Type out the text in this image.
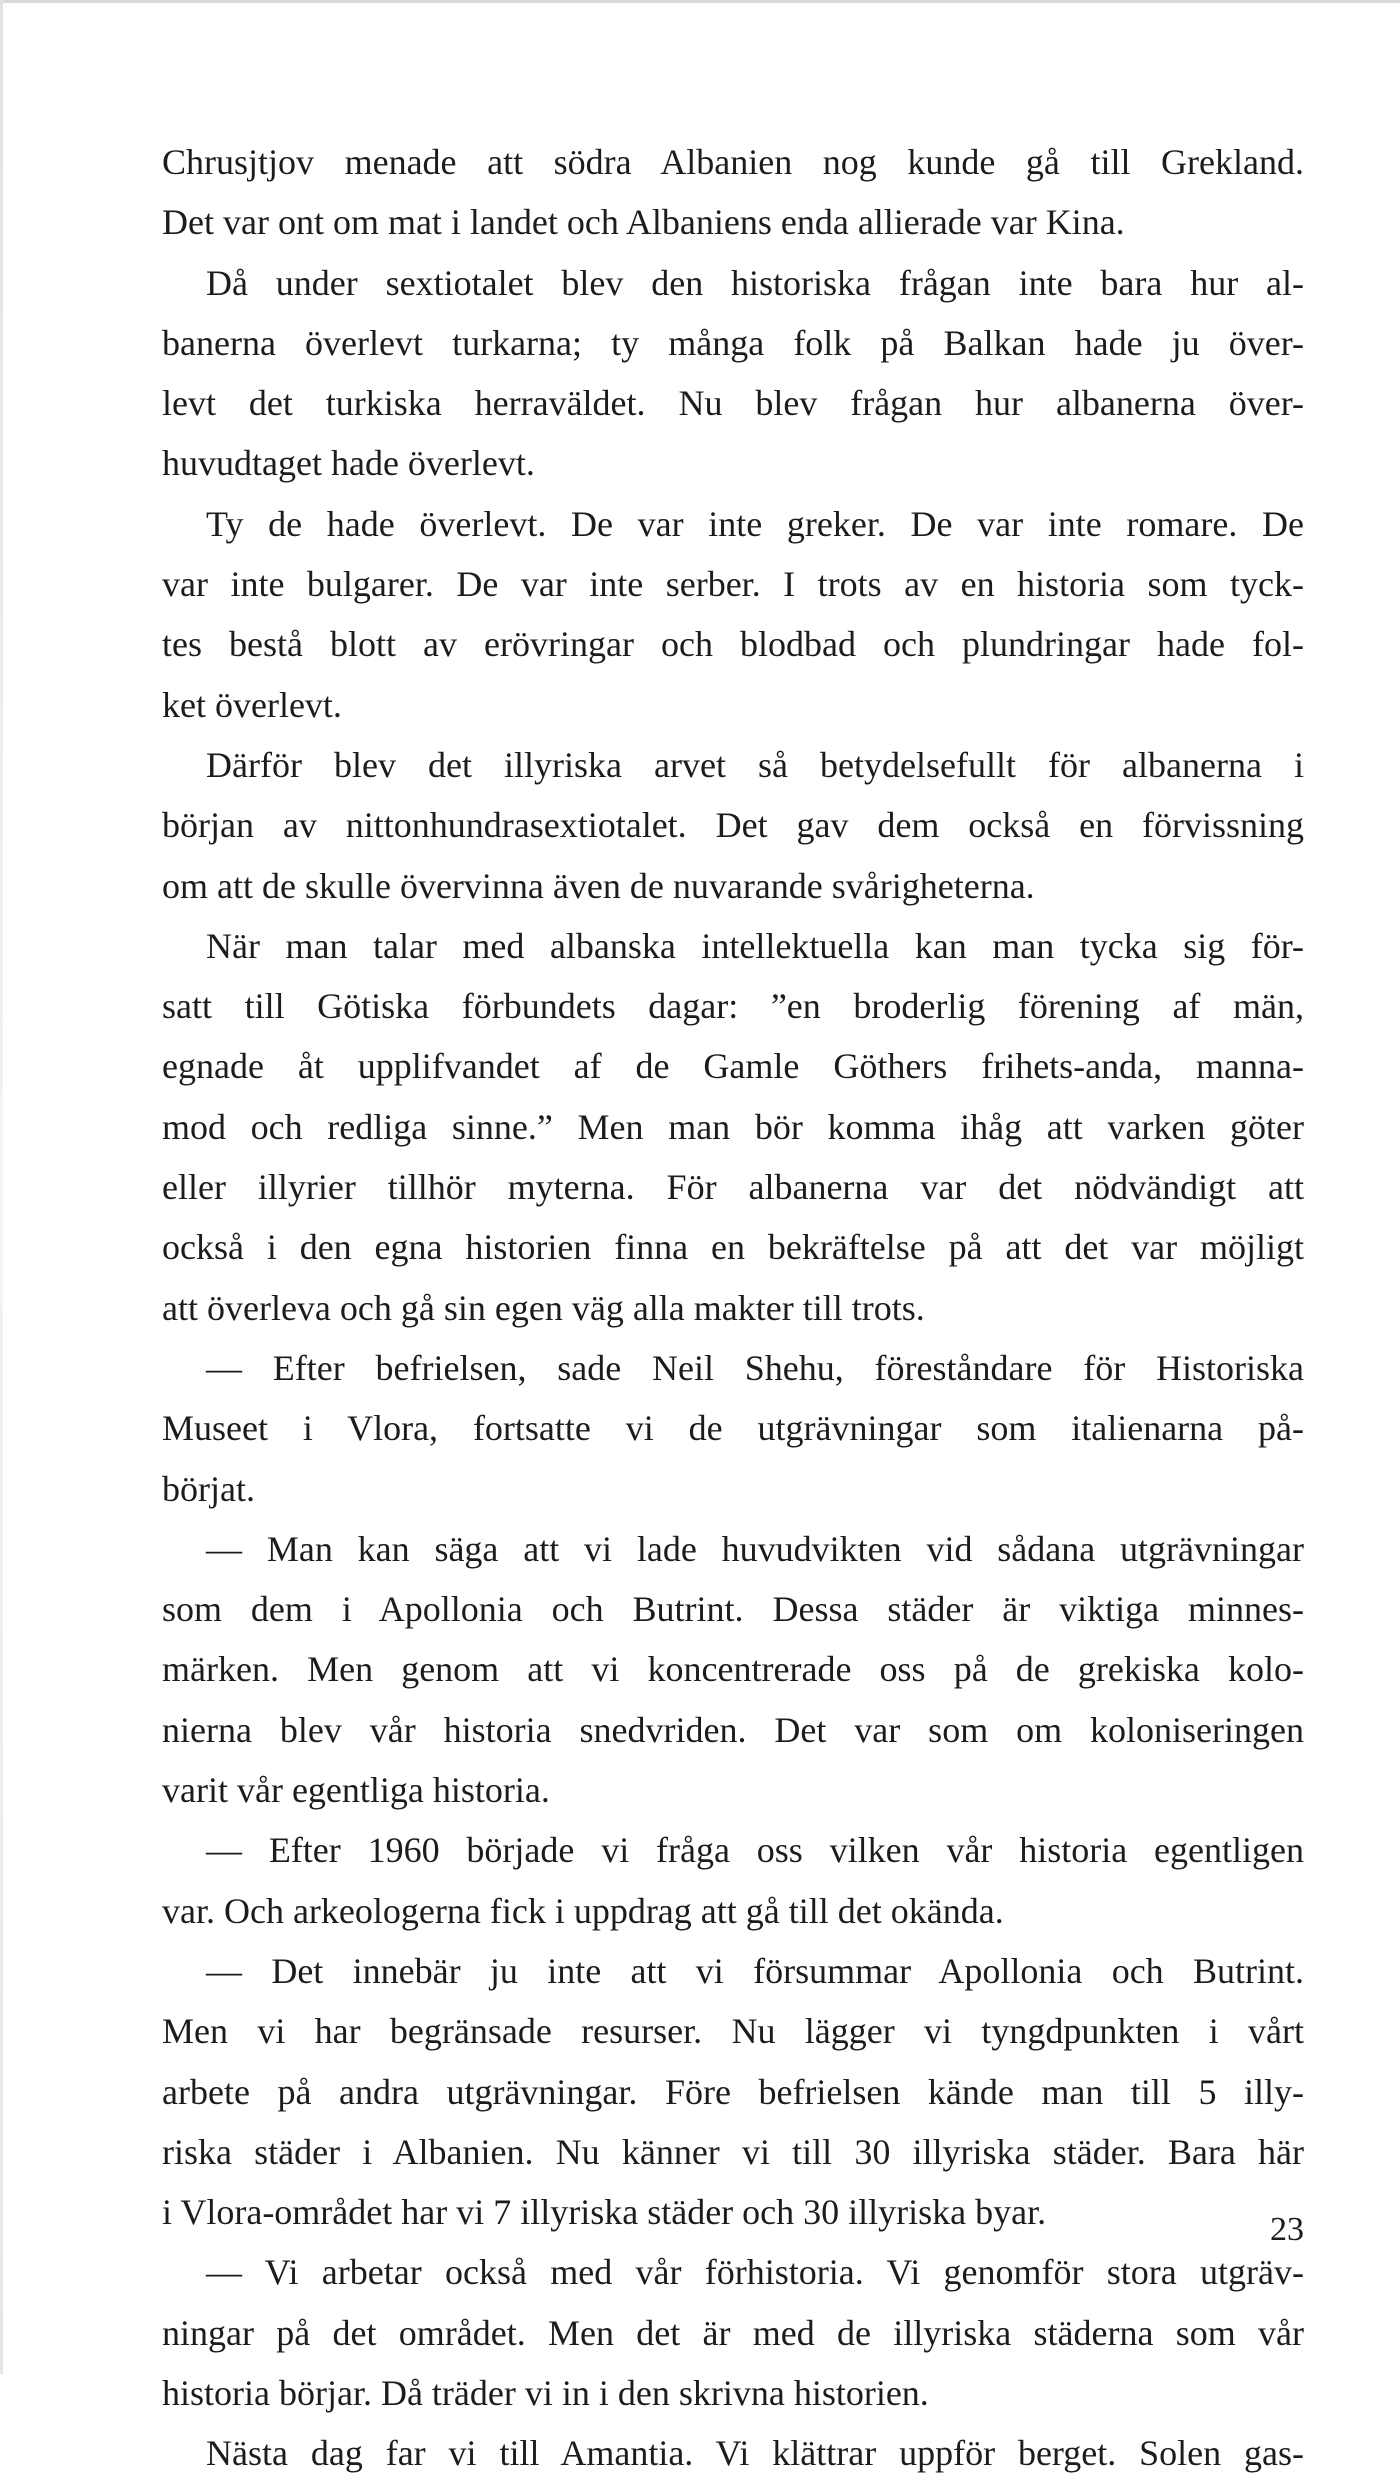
Chrusjtjov menade att södra Albanien nog kunde gå till Grekland.
Det var ont om mat i landet och Albaniens enda allierade var Kina.
Då under sextiotalet blev den historiska frågan inte bara hur al-
banerna överlevt turkarna; ty många folk på Balkan hade ju över-
levt det turkiska herraväldet. Nu blev frågan hur albanerna över-
huvudtaget hade överlevt.
Ty de hade överlevt. De var inte greker. De var inte romare. De
var inte bulgarer. De var inte serber. I trots av en historia som tyck-
tes bestå blott av erövringar och blodbad och plundringar hade fol-
ket överlevt.
Därför blev det illyriska arvet så betydelsefullt för albanerna i
början av nittonhundrasextiotalet. Det gav dem också en förvissning
om att de skulle övervinna även de nuvarande svårigheterna.
När man talar med albanska intellektuella kan man tycka sig för-
satt till Götiska förbundets dagar: ”en broderlig förening af män,
egnade åt upplifvandet af de Gamle Göthers frihets-anda, manna-
mod och redliga sinne.” Men man bör komma ihåg att varken göter
eller illyrier tillhör myterna. För albanerna var det nödvändigt att
också i den egna historien finna en bekräftelse på att det var möjligt
att överleva och gå sin egen väg alla makter till trots.
— Efter befrielsen, sade Neil Shehu, föreståndare för Historiska
Museet i Vlora, fortsatte vi de utgrävningar som italienarna på-
börjat.
— Man kan säga att vi lade huvudvikten vid sådana utgrävningar
som dem i Apollonia och Butrint. Dessa städer är viktiga minnes-
märken. Men genom att vi koncentrerade oss på de grekiska kolo-
nierna blev vår historia snedvriden. Det var som om koloniseringen
varit vår egentliga historia.
— Efter 1960 började vi fråga oss vilken vår historia egentligen
var. Och arkeologerna fick i uppdrag att gå till det okända.
— Det innebär ju inte att vi försummar Apollonia och Butrint.
Men vi har begränsade resurser. Nu lägger vi tyngdpunkten i vårt
arbete på andra utgrävningar. Före befrielsen kände man till 5 illy-
riska städer i Albanien. Nu känner vi till 30 illyriska städer. Bara här
i Vlora-området har vi 7 illyriska städer och 30 illyriska byar.
— Vi arbetar också med vår förhistoria. Vi genomför stora utgräv-
ningar på det området. Men det är med de illyriska städerna som vår
historia börjar. Då träder vi in i den skrivna historien.
Nästa dag far vi till Amantia. Vi klättrar uppför berget. Solen gas-
23
